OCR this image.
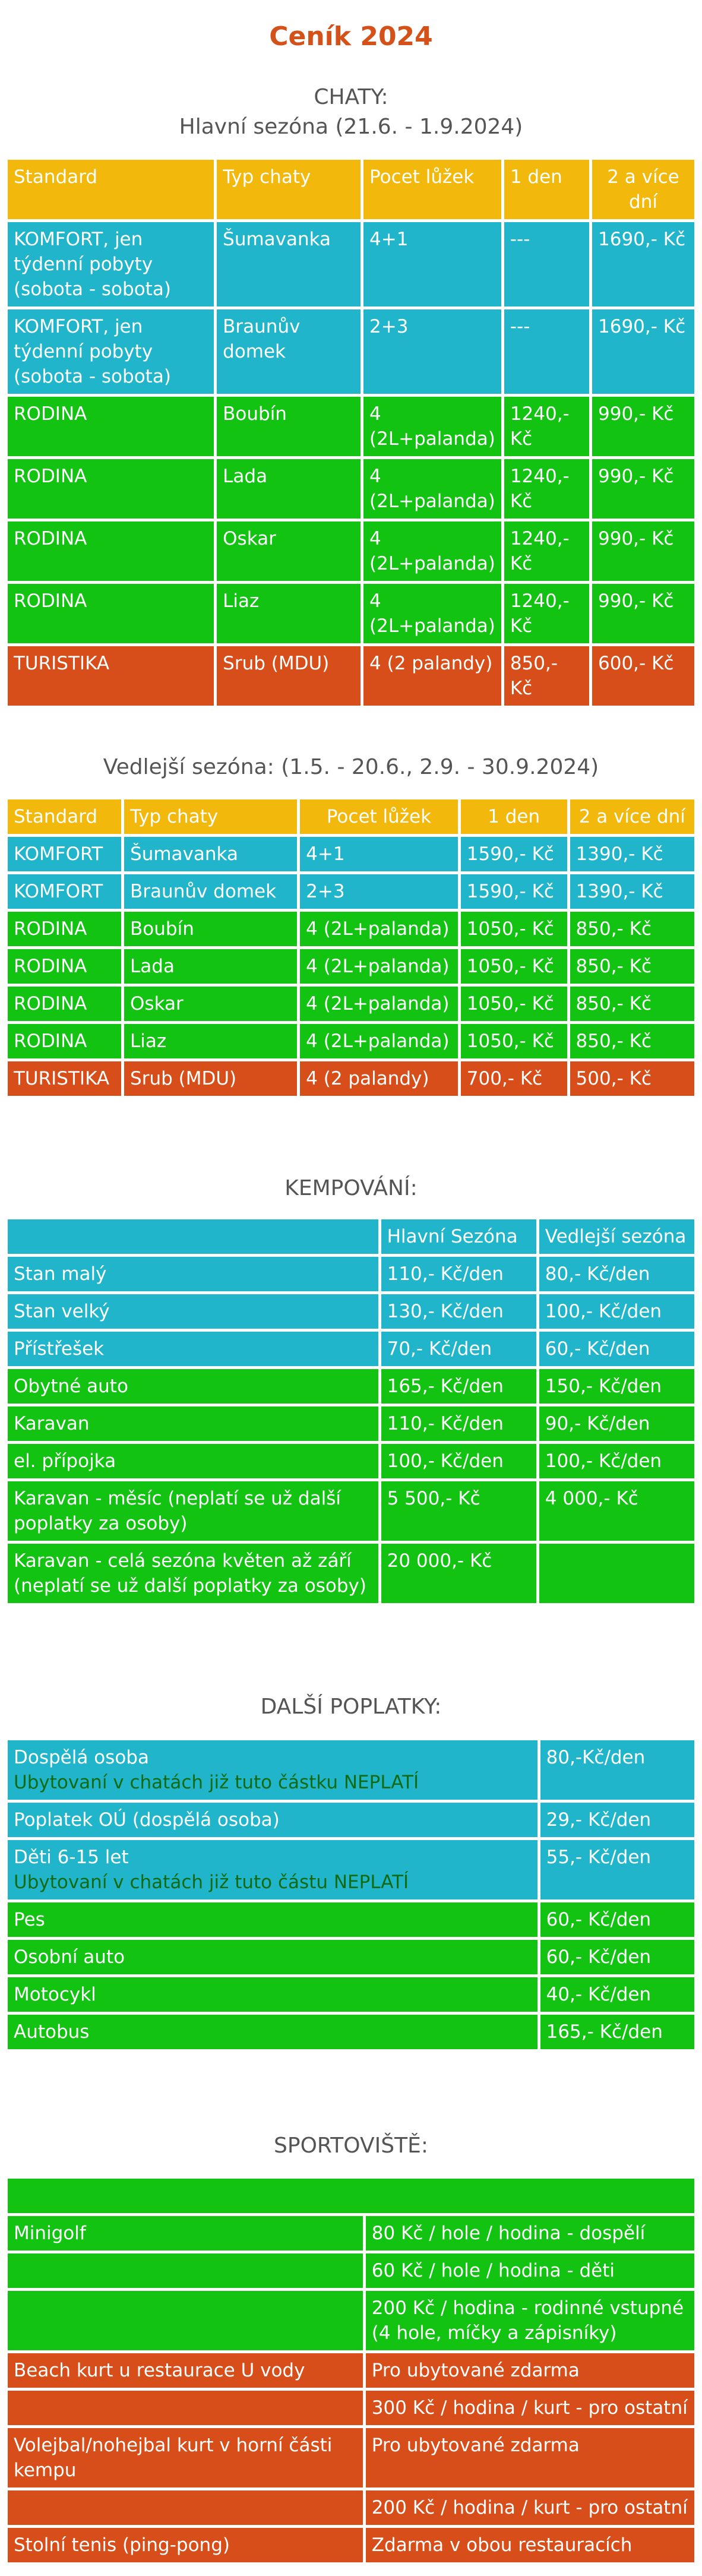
Ceník 2024
CHATY:
Hlavní sezóna (21.6. - 1.9.2024)
Standard	Typ chaty	Pocet lůžek	1 den	2 a více dní
KOMFORT, jen týdenní pobyty (sobota - sobota)	Šumavanka	4+1	---	1690,- Kč
KOMFORT, jen týdenní pobyty (sobota - sobota)	Braunův domek	2+3	---	1690,- Kč
RODINA	Boubín	4 (2L+palanda)	1240,- Kč	990,- Kč
RODINA	Lada	4 (2L+palanda)	1240,- Kč	990,- Kč
RODINA	Oskar	4 (2L+palanda)	1240,- Kč	990,- Kč
RODINA	Liaz	4 (2L+palanda)	1240,- Kč	990,- Kč
TURISTIKA	Srub (MDU)	4 (2 palandy)	850,- Kč	600,- Kč
Vedlejší sezóna: (1.5. - 20.6., 2.9. - 30.9.2024)
Standard	Typ chaty	Pocet lůžek	1 den	2 a více dní
KOMFORT	Šumavanka	4+1	1590,- Kč	1390,- Kč
KOMFORT	Braunův domek	2+3	1590,- Kč	1390,- Kč
RODINA	Boubín	4 (2L+palanda)	1050,- Kč	850,- Kč
RODINA	Lada	4 (2L+palanda)	1050,- Kč	850,- Kč
RODINA	Oskar	4 (2L+palanda)	1050,- Kč	850,- Kč
RODINA	Liaz	4 (2L+palanda)	1050,- Kč	850,- Kč
TURISTIKA	Srub (MDU)	4 (2 palandy)	700,- Kč	500,- Kč
KEMPOVÁNÍ:
	Hlavní Sezóna	Vedlejší sezóna
Stan malý	110,- Kč/den	80,- Kč/den
Stan velký	130,- Kč/den	100,- Kč/den
Přístřešek	70,- Kč/den	60,- Kč/den
Obytné auto	165,- Kč/den	150,- Kč/den
Karavan	110,- Kč/den	90,- Kč/den
el. přípojka	100,- Kč/den	100,- Kč/den
Karavan - měsíc (neplatí se už další poplatky za osoby)	5 500,- Kč	4 000,- Kč
Karavan - celá sezóna květen až září (neplatí se už další poplatky za osoby)	20 000,- Kč	
DALŠÍ POPLATKY:
Dospělá osoba
Ubytovaní v chatách již tuto částku NEPLATÍ	80,-Kč/den

Poplatek OÚ (dospělá osoba)	29,- Kč/den

Děti 6-15 let
Ubytovaní v chatách již tuto částu NEPLATÍ	55,- Kč/den

Pes	60,- Kč/den

Osobní auto	60,- Kč/den

Motocykl	40,- Kč/den

Autobus	165,- Kč/den
SPORTOVIŠTĚ:

Minigolf	80 Kč / hole / hodina - dospělí
	60 Kč / hole / hodina - děti
	200 Kč / hodina - rodinné vstupné (4 hole, míčky a zápisníky)
Beach kurt u restaurace U vody	Pro ubytované zdarma
	300 Kč / hodina / kurt - pro ostatní
Volejbal/nohejbal kurt v horní části kempu	Pro ubytované zdarma
	200 Kč / hodina / kurt - pro ostatní
Stolní tenis (ping-pong)	Zdarma v obou restauracích
